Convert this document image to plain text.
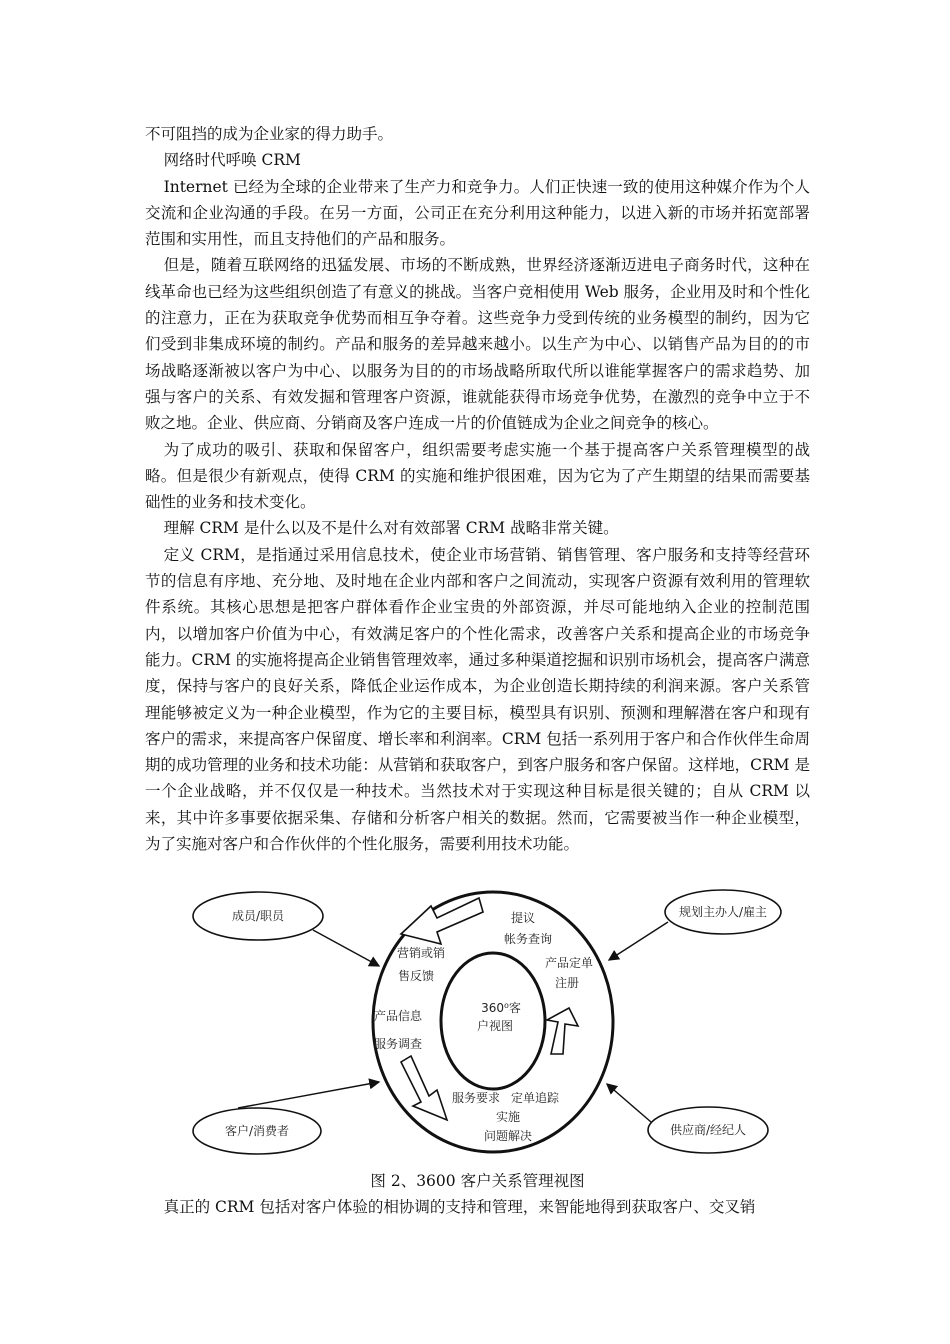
不可阻挡的成为企业家的得力助手。

网络时代呼唤 CRM

Internet 已经为全球的企业带来了生产力和竞争力。人们正快速一致的使用这种媒介作为个人交流和企业沟通的手段。在另一方面，公司正在充分利用这种能力，以进入新的市场并拓宽部署范围和实用性，而且支持他们的产品和服务。

但是，随着互联网络的迅猛发展、市场的不断成熟，世界经济逐渐迈进电子商务时代，这种在线革命也已经为这些组织创造了有意义的挑战。当客户竞相使用 Web 服务，企业用及时和个性化的注意力，正在为获取竞争优势而相互争夺着。这些竞争力受到传统的业务模型的制约，因为它们受到非集成环境的制约。产品和服务的差异越来越小。以生产为中心、以销售产品为目的的市场战略逐渐被以客户为中心、以服务为目的的市场战略所取代所以谁能掌握客户的需求趋势、加强与客户的关系、有效发掘和管理客户资源，谁就能获得市场竞争优势，在激烈的竞争中立于不败之地。企业、供应商、分销商及客户连成一片的价值链成为企业之间竞争的核心。

为了成功的吸引、获取和保留客户，组织需要考虑实施一个基于提高客户关系管理模型的战略。但是很少有新观点，使得 CRM 的实施和维护很困难，因为它为了产生期望的结果而需要基础性的业务和技术变化。

理解 CRM 是什么以及不是什么对有效部署 CRM 战略非常关键。

定义 CRM，是指通过采用信息技术，使企业市场营销、销售管理、客户服务和支持等经营环节的信息有序地、充分地、及时地在企业内部和客户之间流动，实现客户资源有效利用的管理软件系统。其核心思想是把客户群体看作企业宝贵的外部资源，并尽可能地纳入企业的控制范围内，以增加客户价值为中心，有效满足客户的个性化需求，改善客户关系和提高企业的市场竞争能力。CRM 的实施将提高企业销售管理效率，通过多种渠道挖掘和识别市场机会，提高客户满意度，保持与客户的良好关系，降低企业运作成本，为企业创造长期持续的利润来源。客户关系管理能够被定义为一种企业模型，作为它的主要目标，模型具有识别、预测和理解潜在客户和现有客户的需求，来提高客户保留度、增长率和利润率。CRM 包括一系列用于客户和合作伙伴生命周期的成功管理的业务和技术功能：从营销和获取客户，到客户服务和客户保留。这样地，CRM 是一个企业战略，并不仅仅是一种技术。当然技术对于实现这种目标是很关键的；自从 CRM 以来，其中许多事要依据采集、存储和分析客户相关的数据。然而，它需要被当作一种企业模型，为了实施对客户和合作伙伴的个性化服务，需要利用技术功能。

成员/职员	规划主办人/雇主
客户/消费者	供应商/经纪人
360⁰客
户视图
营销或销
售反馈
产品信息
服务调查
提议
帐务查询
产品定单
注册
服务要求 定单追踪
实施
问题解决
图 2、3600 客户关系管理视图
真正的 CRM 包括对客户体验的相协调的支持和管理，来智能地得到获取客户、交叉销
